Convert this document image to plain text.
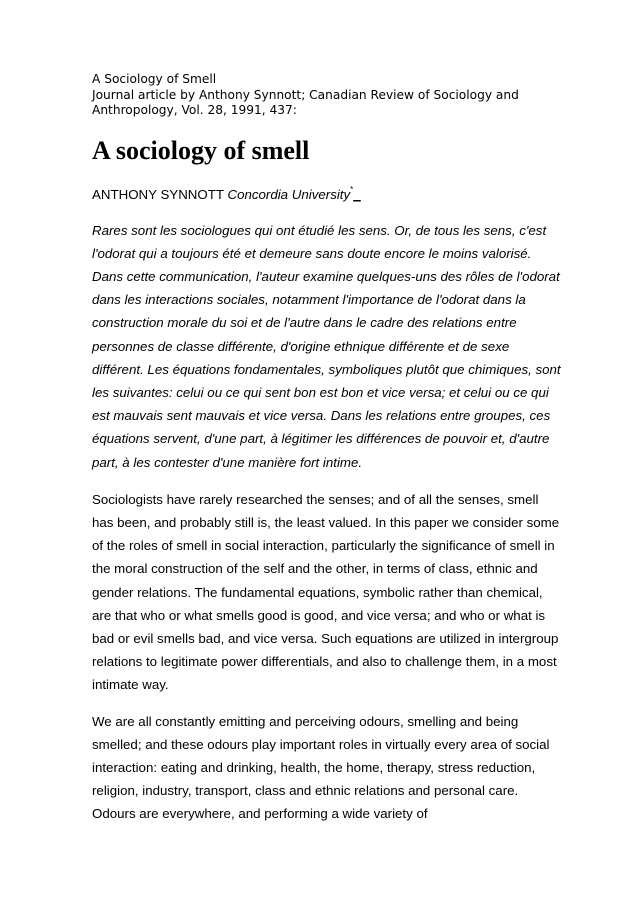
A Sociology of Smell
Journal article by Anthony Synnott; Canadian Review of Sociology and
Anthropology, Vol. 28, 1991, 437:
A sociology of smell
ANTHONY SYNNOTT Concordia University*_
Rares sont les sociologues qui ont étudié les sens. Or, de tous les sens, c'est
l'odorat qui a toujours été et demeure sans doute encore le moins valorisé.
Dans cette communication, l'auteur examine quelques-uns des rôles de l'odorat
dans les interactions sociales, notamment l'importance de l'odorat dans la
construction morale du soi et de l'autre dans le cadre des relations entre
personnes de classe différente, d'origine ethnique différente et de sexe
différent. Les équations fondamentales, symboliques plutôt que chimiques, sont
les suivantes: celui ou ce qui sent bon est bon et vice versa; et celui ou ce qui
est mauvais sent mauvais et vice versa. Dans les relations entre groupes, ces
équations servent, d'une part, à légitimer les différences de pouvoir et, d'autre
part, à les contester d'une manière fort intime.
Sociologists have rarely researched the senses; and of all the senses, smell
has been, and probably still is, the least valued. In this paper we consider some
of the roles of smell in social interaction, particularly the significance of smell in
the moral construction of the self and the other, in terms of class, ethnic and
gender relations. The fundamental equations, symbolic rather than chemical,
are that who or what smells good is good, and vice versa; and who or what is
bad or evil smells bad, and vice versa. Such equations are utilized in intergroup
relations to legitimate power differentials, and also to challenge them, in a most
intimate way.
We are all constantly emitting and perceiving odours, smelling and being
smelled; and these odours play important roles in virtually every area of social
interaction: eating and drinking, health, the home, therapy, stress reduction,
religion, industry, transport, class and ethnic relations and personal care.
Odours are everywhere, and performing a wide variety of
